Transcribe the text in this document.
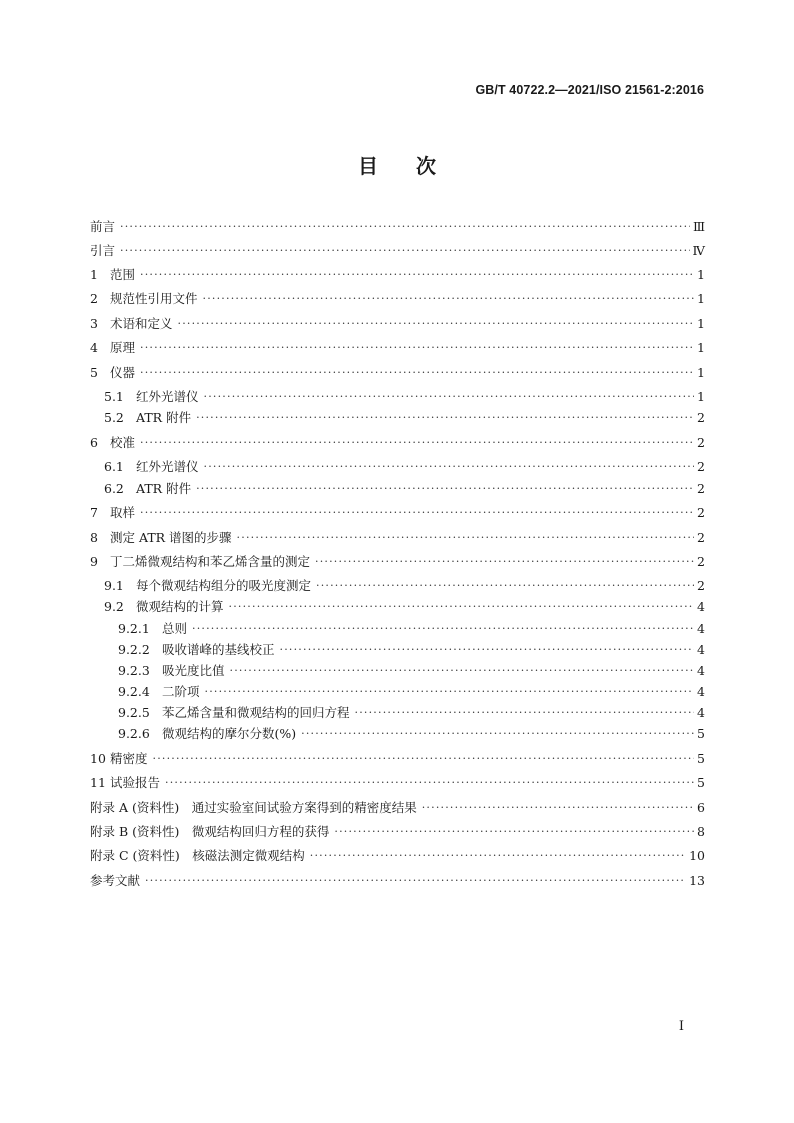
GB/T 40722.2—2021/ISO 21561-2:2016
目次
前言 ·····	Ⅲ
引言 ·····	Ⅳ
1 范围 ·····	1
2 规范性引用文件 ·····	1
3 术语和定义 ·····	1
4 原理 ·····	1
5 仪器 ·····	1
5.1 红外光谱仪 ·····	1
5.2 ATR 附件 ·····	2
6 校准 ·····	2
6.1 红外光谱仪 ·····	2
6.2 ATR 附件 ·····	2
7 取样 ·····	2
8 测定 ATR 谱图的步骤 ·····	2
9 丁二烯微观结构和苯乙烯含量的测定 ·····	2
9.1 每个微观结构组分的吸光度测定 ·····	2
9.2 微观结构的计算 ·····	4
9.2.1 总则 ·····	4
9.2.2 吸收谱峰的基线校正 ·····	4
9.2.3 吸光度比值 ·····	4
9.2.4 二阶项 ·····	4
9.2.5 苯乙烯含量和微观结构的回归方程 ·····	4
9.2.6 微观结构的摩尔分数(%) ·····	5
10 精密度 ·····	5
11 试验报告 ·····	5
附录 A (资料性)　通过实验室间试验方案得到的精密度结果 ·····	6
附录 B (资料性)　微观结构回归方程的获得 ·····	8
附录 C (资料性)　核磁法测定微观结构 ·····	10
参考文献 ·····	13
I
